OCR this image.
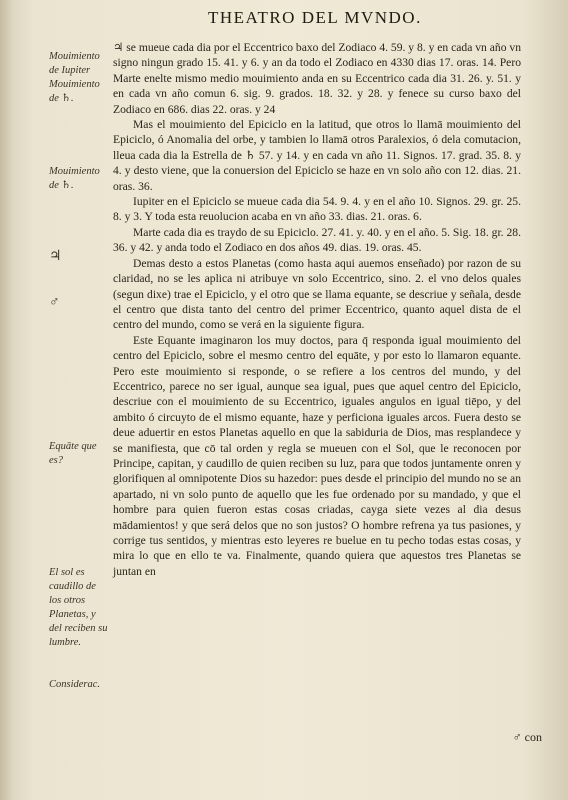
THEATRO DEL MVNDO.
Mouimiento de Iupiter Mouimiento de ♄.
Mouimiento de ♄.
♃
♂
Equāte que es?
El sol es caudillo de los otros Planetas, y del reciben su lumbre.
Considerac.

♃ se mueue cada dia por el Eccentrico baxo del Zodiaco 4. 59. y 8. y en cada vn año vn signo ningun grado 15. 41. y 6. y an da todo el Zodiaco en 4330 dias 17. oras. 14. Pero Marte enelte mismo medio mouimiento anda en su Eccentrico cada dia 31. 26. y. 51. y en cada vn año comun 6. sig. 9. grados. 18. 32. y 28. y fenece su curso baxo del Zodiaco en 686. dias 22. oras. y 24

Mas el mouimiento del Epiciclo en la latitud, que otros lo llamā mouimiento del Epiciclo, ó Anomalia del orbe, y tambien lo llamā otros Paralexios, ó dela comutacion, lleua cada dia la Estrella de ♄ 57. y 14. y en cada vn año 11. Signos. 17. grad. 35. 8. y 4. y desto viene, que la conuersion del Epiciclo se haze en vn solo año con 12. dias. 21. oras. 36.

Iupiter en el Epiciclo se mueue cada dia 54. 9. 4. y en el año 10. Signos. 29. gr. 25. 8. y 3. Y toda esta reuolucion acaba en vn año 33. dias. 21. oras. 6.

Marte cada dia es traydo de su Epiciclo. 27. 41. y. 40. y en el año. 5. Sig. 18. gr. 28. 36. y 42. y anda todo el Zodiaco en dos años 49. dias. 19. oras. 45.

Demas desto a estos Planetas (como hasta aqui auemos enseñado) por razon de su claridad, no se les aplica ni atribuye vn solo Eccentrico, sino. 2. el vno delos quales (segun dixe) trae el Epiciclo, y el otro que se llama equante, se descriue y señala, desde el centro que dista tanto del centro del primer Eccentrico, quanto aquel dista de el centro del mundo, como se verá en la siguiente figura.

Este Equante imaginaron los muy doctos, para q̄ responda igual mouimiento del centro del Epiciclo, sobre el mesmo centro del equāte, y por esto lo llamaron equante. Pero este mouimiento si responde, o se refiere a los centros del mundo, y del Eccentrico, parece no ser igual, aunque sea igual, pues que aquel centro del Epiciclo, descriue con el mouimiento de su Eccentrico, iguales angulos en igual tiēpo, y del ambito ó circuyto de el mismo equante, haze y perficiona iguales arcos. Fuera desto se deue aduertir en estos Planetas aquello en que la sabiduria de Dios, mas resplandece y se manifiesta, que cō tal orden y regla se mueuen con el Sol, que le reconocen por Principe, capitan, y caudillo de quien reciben su luz, para que todos juntamente onren y glorifiquen al omnipotente Dios su hazedor: pues desde el principio del mundo no se an apartado, ni vn solo punto de aquello que les fue ordenado por su mandado, y que el hombre para quien fueron estas cosas criadas, cayga siete vezes al dia desus mādamientos! y que será delos que no son justos? O hombre refrena ya tus pasiones, y corrige tus sentidos, y mientras esto leyeres re buelue en tu pecho todas estas cosas, y mira lo que en ello te va. Finalmente, quando quiera que aquestos tres Planetas se juntan en

♂ con
